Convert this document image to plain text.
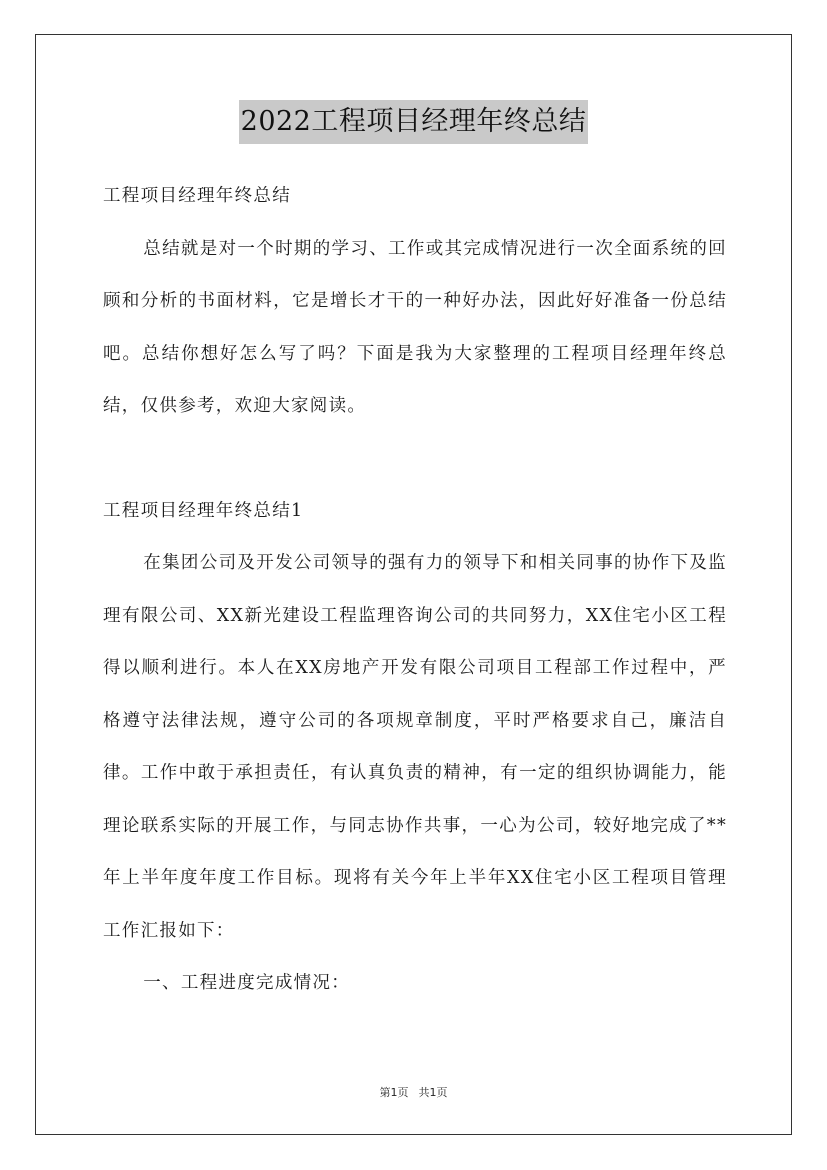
2022工程项目经理年终总结

工程项目经理年终总结

总结就是对一个时期的学习、工作或其完成情况进行一次全面系统的回顾和分析的书面材料，它是增长才干的一种好办法，因此好好准备一份总结吧。总结你想好怎么写了吗？下面是我为大家整理的工程项目经理年终总结，仅供参考，欢迎大家阅读。

工程项目经理年终总结1

在集团公司及开发公司领导的强有力的领导下和相关同事的协作下及监理有限公司、XX新光建设工程监理咨询公司的共同努力，XX住宅小区工程得以顺利进行。本人在XX房地产开发有限公司项目工程部工作过程中，严格遵守法律法规，遵守公司的各项规章制度，平时严格要求自己，廉洁自律。工作中敢于承担责任，有认真负责的精神，有一定的组织协调能力，能理论联系实际的开展工作，与同志协作共事，一心为公司，较好地完成了**年上半年度年度工作目标。现将有关今年上半年XX住宅小区工程项目管理工作汇报如下：

一、工程进度完成情况：

第1页 共1页
